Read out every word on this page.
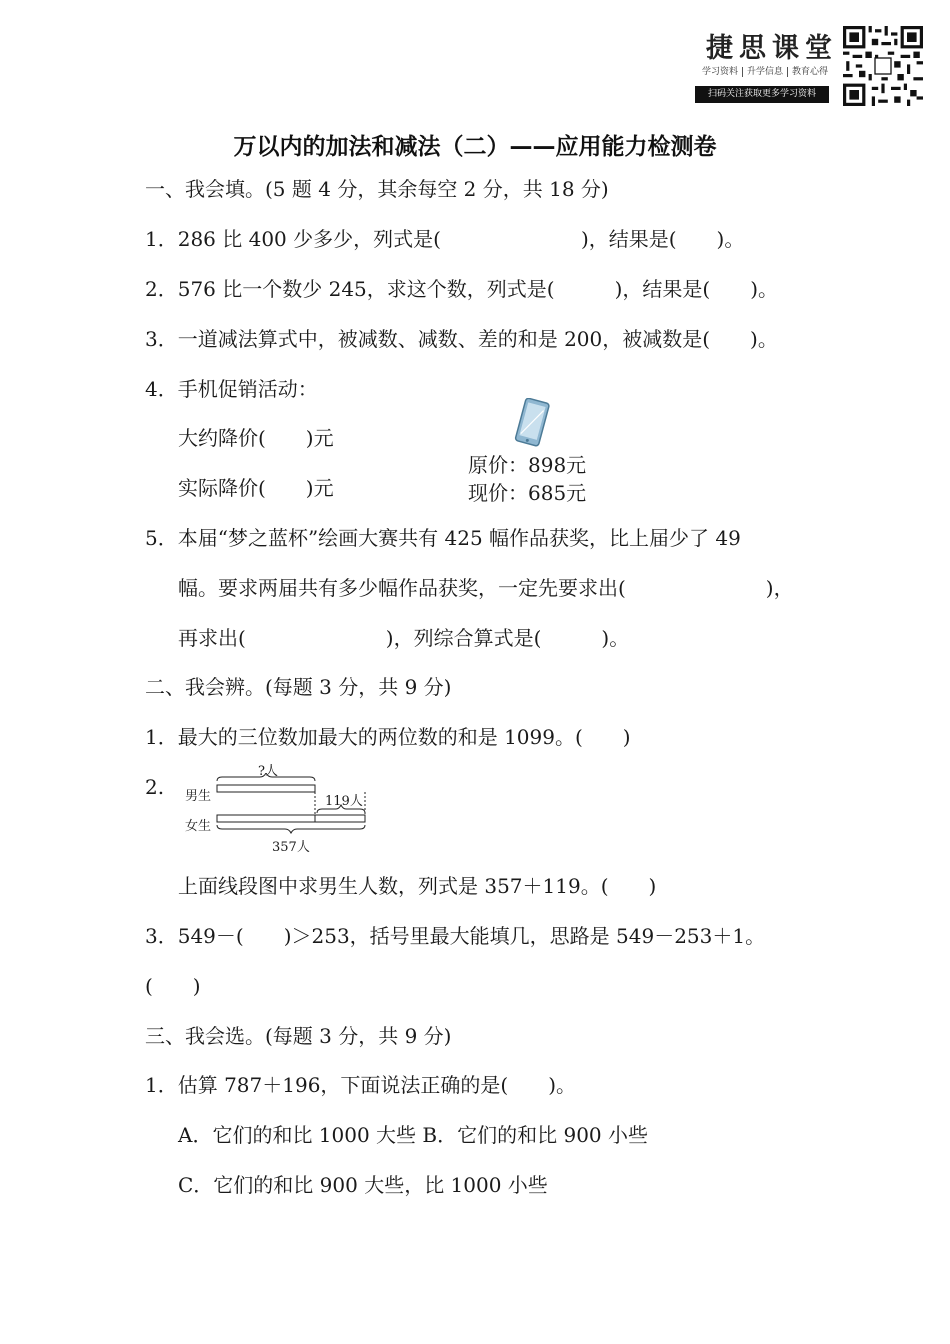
捷思课堂
学习资料 升学信息 教育心得
扫码关注获取更多学习资料
万以内的加法和减法（二）——应用能力检测卷
一、我会填。(5 题 4 分，其余每空 2 分，共 18 分)
1．286 比 400 少多少，列式是(　　　　　　　)，结果是(　　)。
2．576 比一个数少 245，求这个数，列式是(　　　)，结果是(　　)。
3．一道减法算式中，被减数、减数、差的和是 200，被减数是(　　)。
4．手机促销活动：
大约降价(　　)元
实际降价(　　)元
原价：898元
现价：685元
5．本届“梦之蓝杯”绘画大赛共有 425 幅作品获奖，比上届少了 49
幅。要求两届共有多少幅作品获奖，一定先要求出(　　　　　　　)，
再求出(　　　　　　　)，列综合算式是(　　　)。
二、我会辨。(每题 3 分，共 9 分)
1．最大的三位数加最大的两位数的和是 1099。(　　)
2.
?人
男生
女生
119人
357人
上面线段图中求男生人数，列式是 357＋119。(　　)
3．549－(　　)＞253，括号里最大能填几，思路是 549－253＋1。
(　　)
三、我会选。(每题 3 分，共 9 分)
1．估算 787＋196，下面说法正确的是(　　)。
A．它们的和比 1000 大些 B．它们的和比 900 小些
C．它们的和比 900 大些，比 1000 小些
